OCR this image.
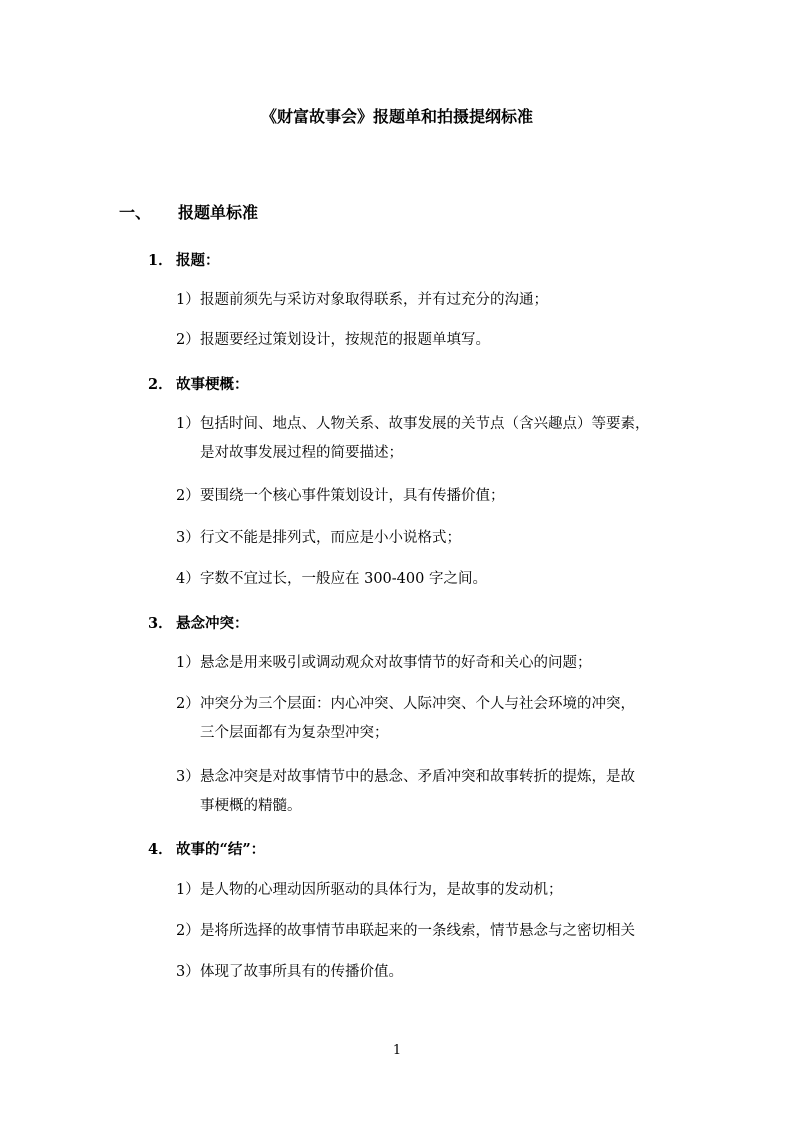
《财富故事会》报题单和拍摄提纲标准
一、 报题单标准
1． 报题：
1）报题前须先与采访对象取得联系，并有过充分的沟通；
2）报题要经过策划设计，按规范的报题单填写。
2． 故事梗概：
1）包括时间、地点、人物关系、故事发展的关节点（含兴趣点）等要素，
是对故事发展过程的简要描述；
2）要围绕一个核心事件策划设计，具有传播价值；
3）行文不能是排列式，而应是小小说格式；
4）字数不宜过长，一般应在 300-400 字之间。
3． 悬念冲突：
1）悬念是用来吸引或调动观众对故事情节的好奇和关心的问题；
2）冲突分为三个层面：内心冲突、人际冲突、个人与社会环境的冲突，
三个层面都有为复杂型冲突；
3）悬念冲突是对故事情节中的悬念、矛盾冲突和故事转折的提炼，是故
事梗概的精髓。
4． 故事的“结”：
1）是人物的心理动因所驱动的具体行为，是故事的发动机；
2）是将所选择的故事情节串联起来的一条线索，情节悬念与之密切相关
3）体现了故事所具有的传播价值。
1
